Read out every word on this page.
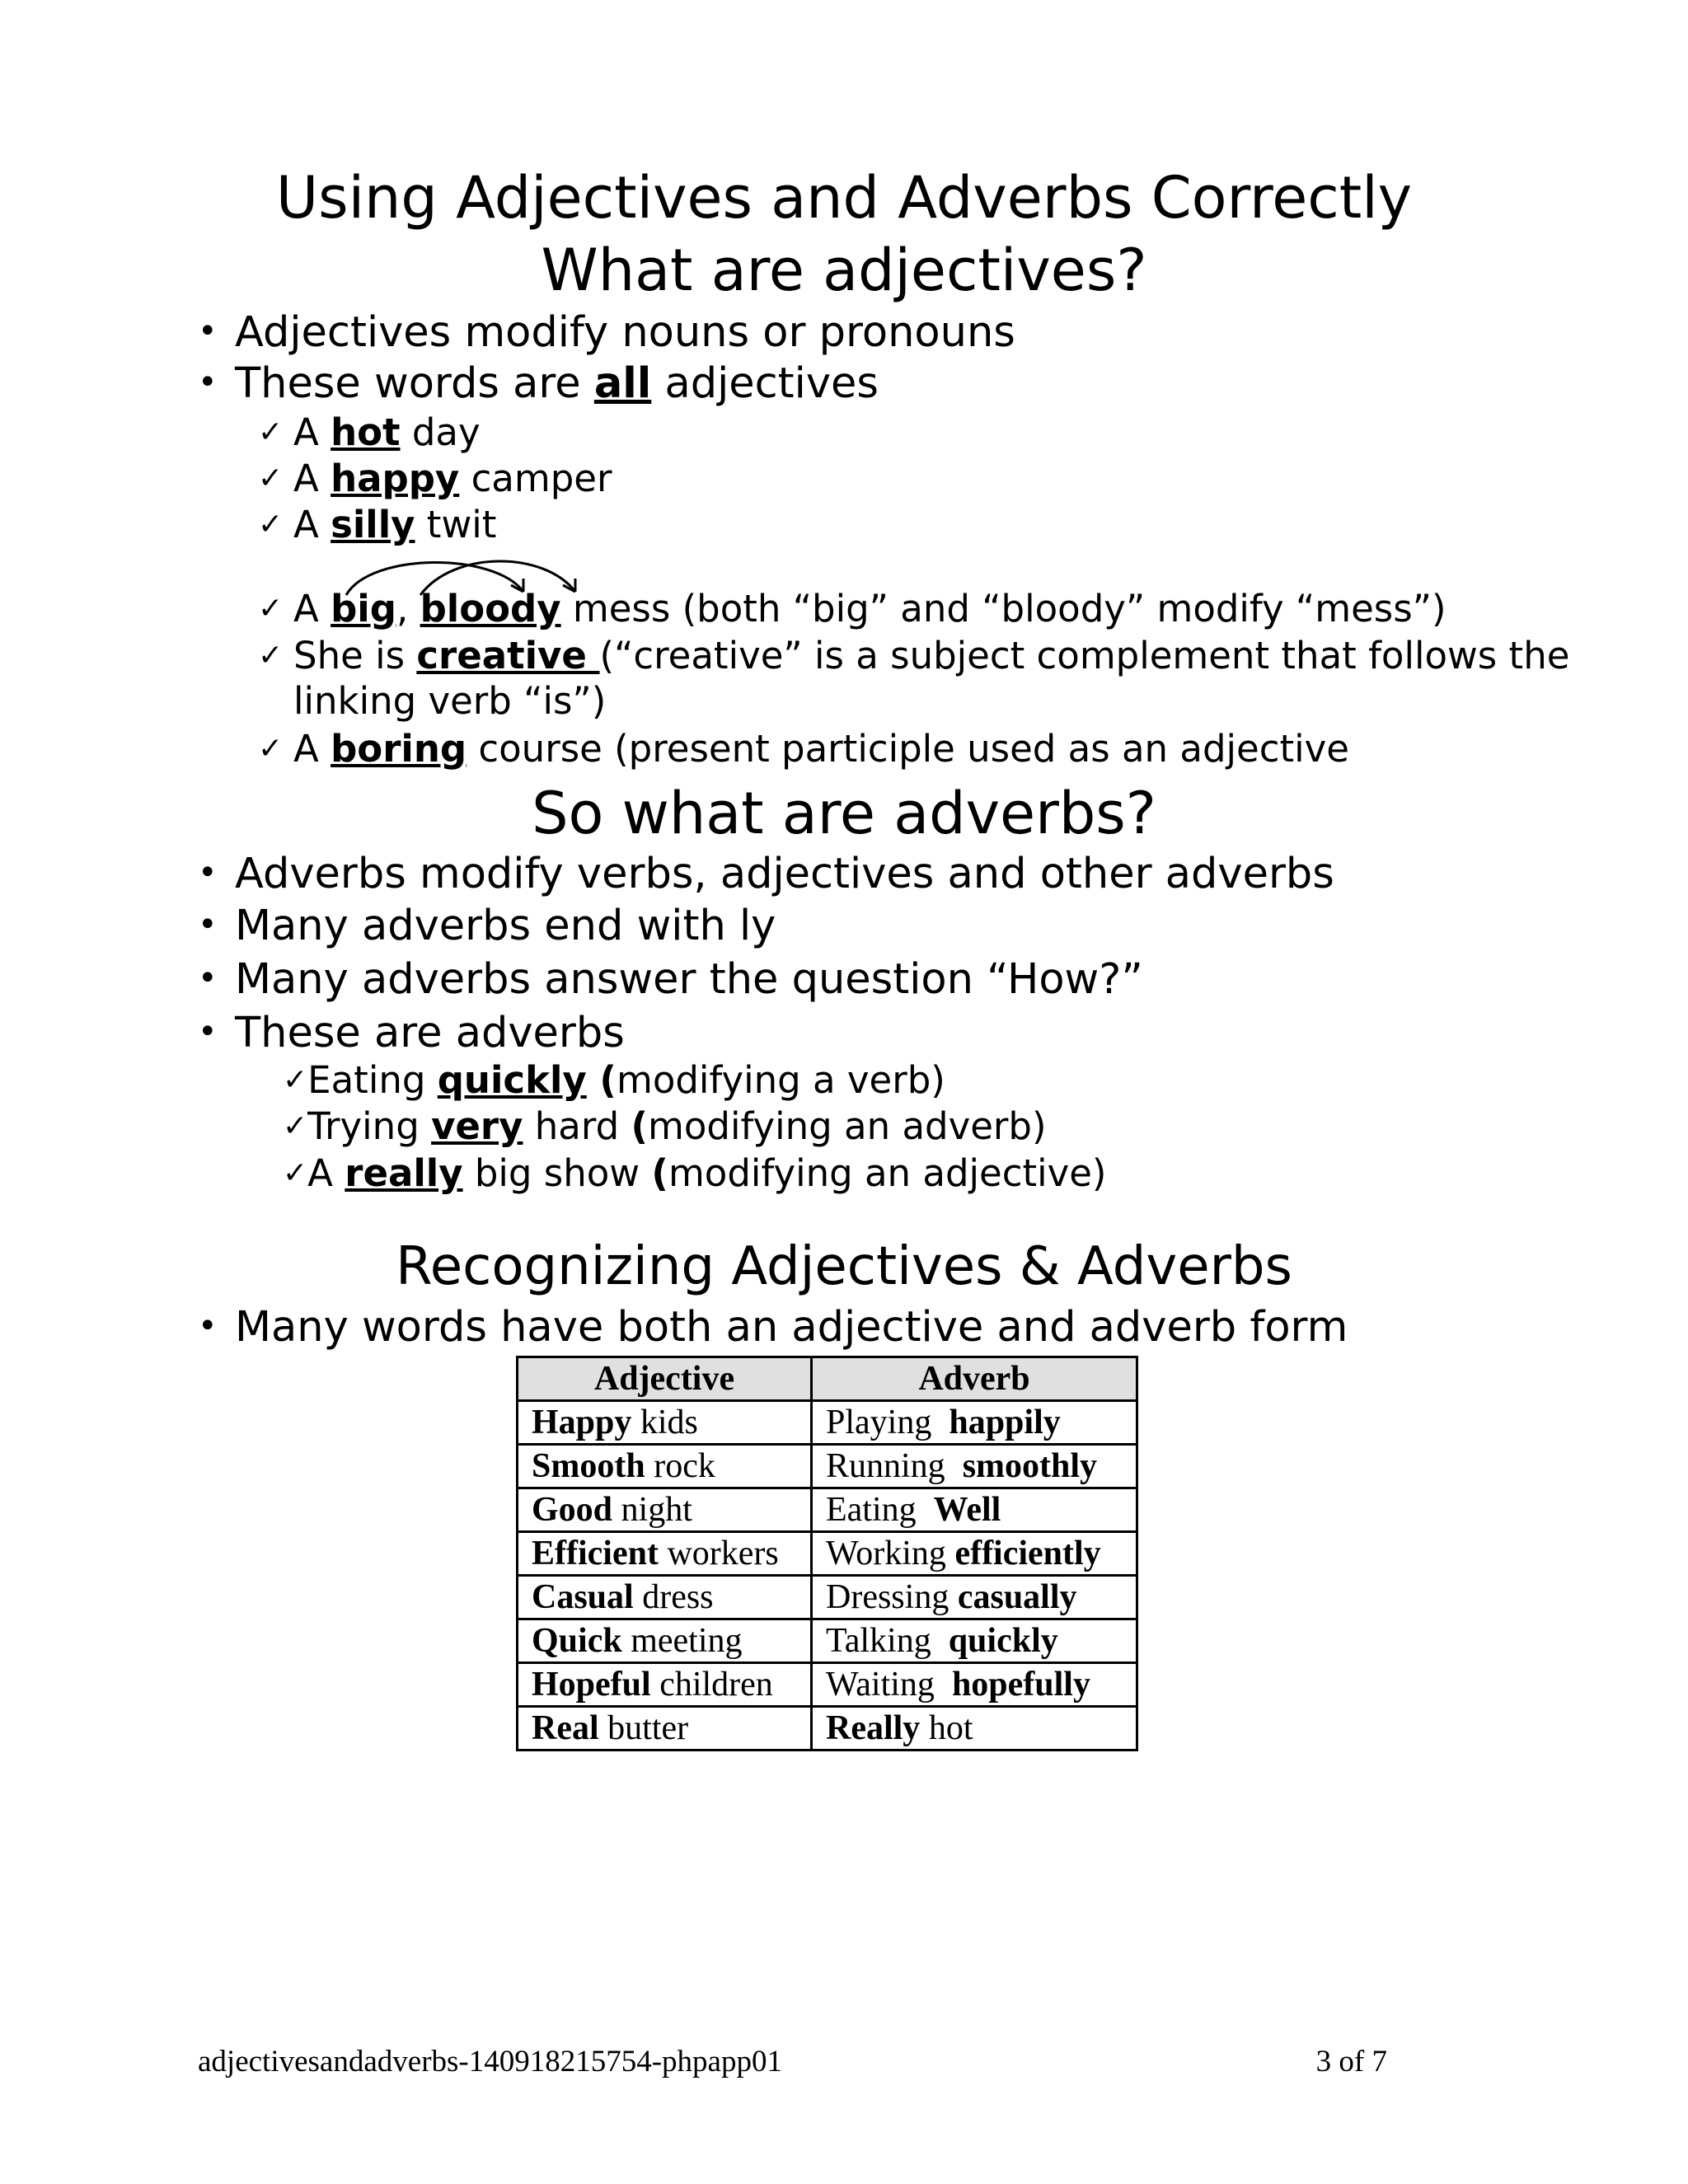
Using Adjectives and Adverbs Correctly
What are adjectives?
• Adjectives modify nouns or pronouns
• These words are all adjectives
✓ A hot day
✓ A happy camper
✓ A silly twit
✓ A big, bloody mess (both “big” and “bloody” modify “mess”)
✓ She is creative (“creative” is a subject complement that follows the
linking verb “is”)
✓ A boring course (present participle used as an adjective
So what are adverbs?
• Adverbs modify verbs, adjectives and other adverbs
• Many adverbs end with ly
• Many adverbs answer the question “How?”
• These are adverbs
✓Eating quickly (modifying a verb)
✓Trying very hard (modifying an adverb)
✓A really big show (modifying an adjective)
Recognizing Adjectives & Adverbs
• Many words have both an adjective and adverb form
Adjective	Adverb
Happy kids	Playing  happily
Smooth rock	Running  smoothly
Good night	Eating  Well
Efficient workers	Working efficiently
Casual dress	Dressing casually
Quick meeting	Talking  quickly
Hopeful children	Waiting  hopefully
Real butter	Really hot
adjectivesandadverbs-140918215754-phpapp01	3 of 7
